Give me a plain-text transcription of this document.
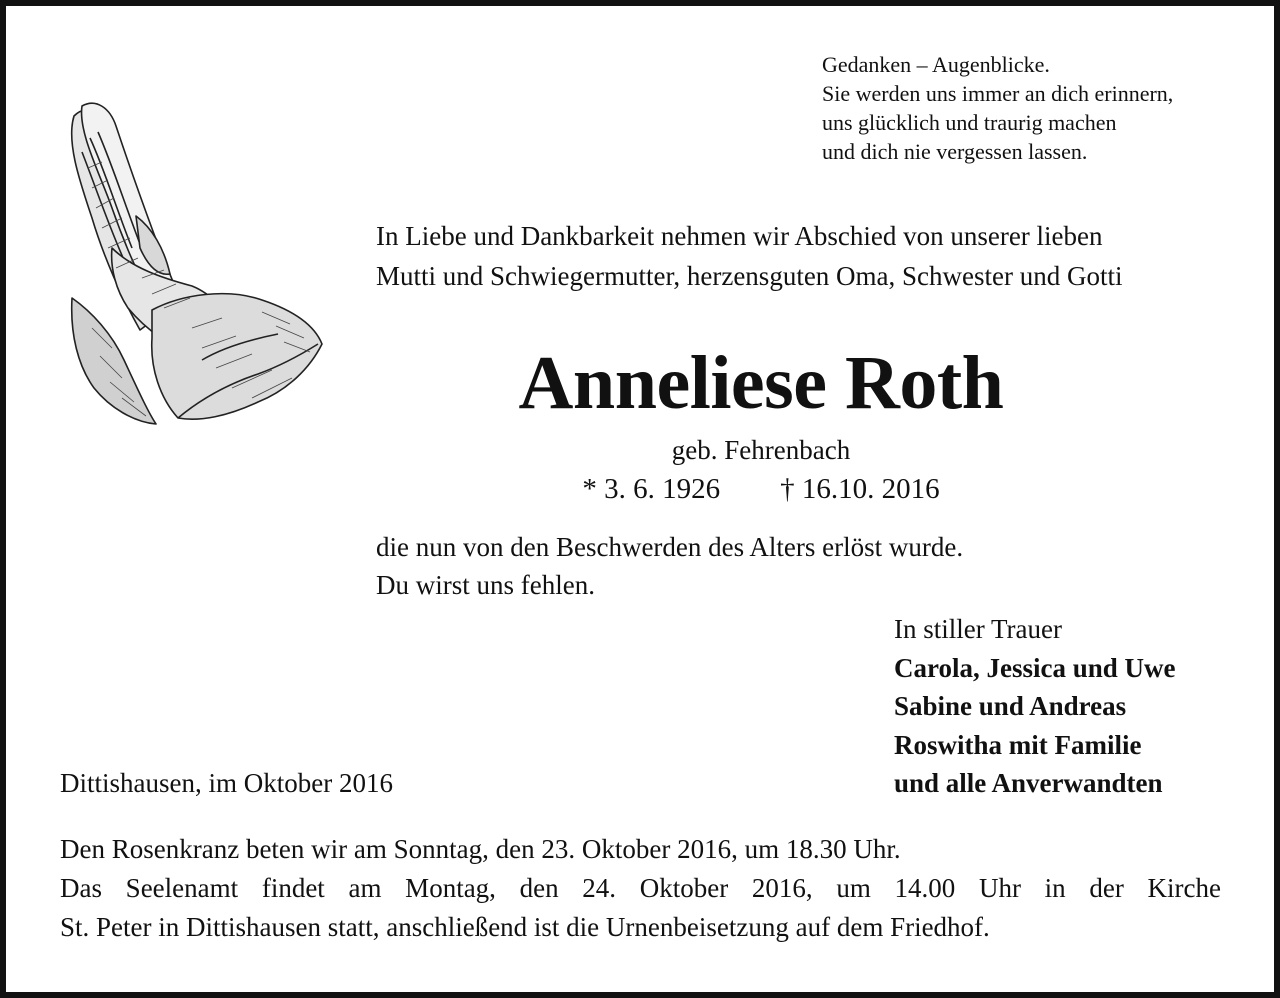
Gedanken – Augenblicke.
Sie werden uns immer an dich erinnern,
uns glücklich und traurig machen
und dich nie vergessen lassen.
In Liebe und Dankbarkeit nehmen wir Abschied von unserer lieben
Mutti und Schwiegermutter, herzensguten Oma, Schwester und Gotti
Anneliese Roth
geb. Fehrenbach
* 3. 6. 1926 † 16.10. 2016
die nun von den Beschwerden des Alters erlöst wurde.
Du wirst uns fehlen.
In stiller Trauer
Carola, Jessica und Uwe
Sabine und Andreas
Roswitha mit Familie
und alle Anverwandten
Dittishausen, im Oktober 2016
Den Rosenkranz beten wir am Sonntag, den 23. Oktober 2016, um 18.30 Uhr.
Das Seelenamt findet am Montag, den 24. Oktober 2016, um 14.00 Uhr in der Kirche
St. Peter in Dittishausen statt, anschließend ist die Urnenbeisetzung auf dem Friedhof.
